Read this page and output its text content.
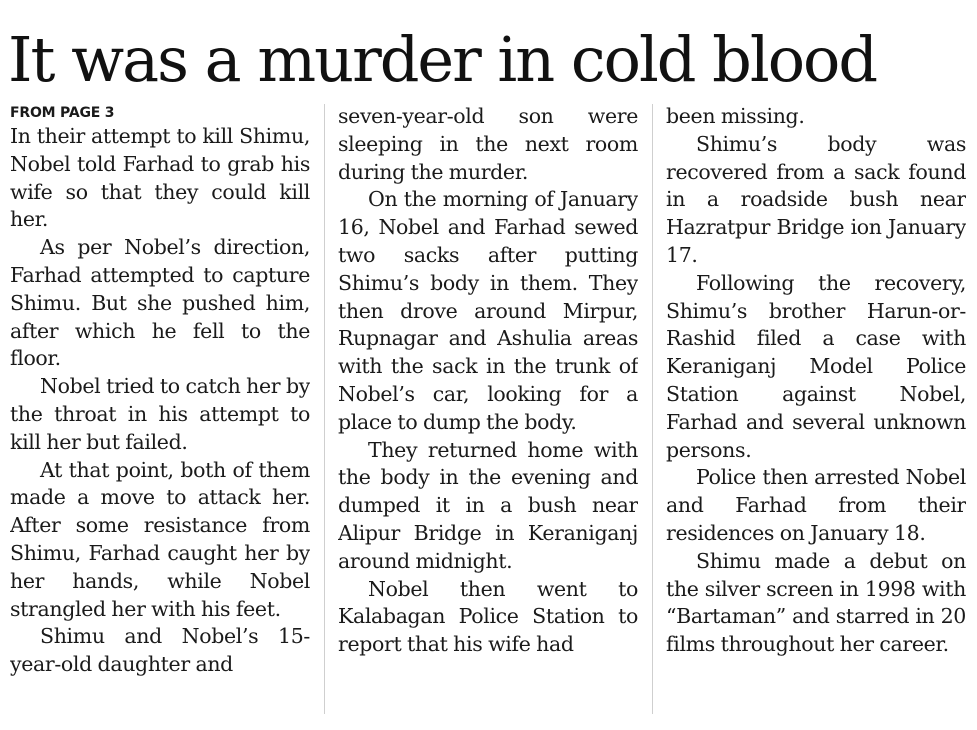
It was a murder in cold blood

FROM PAGE 3

In their attempt to kill Shimu, Nobel told Farhad to grab his wife so that they could kill her.

As per Nobel’s direction, Farhad attempted to capture Shimu. But she pushed him, after which he fell to the floor.

Nobel tried to catch her by the throat in his attempt to kill her but failed.

At that point, both of them made a move to attack her. After some resistance from Shimu, Farhad caught her by her hands, while Nobel strangled her with his feet.

Shimu and Nobel’s 15-year-old daughter and

seven-year-old son were sleeping in the next room during the murder.

On the morning of January 16, Nobel and Farhad sewed two sacks after putting Shimu’s body in them. They then drove around Mirpur, Rupnagar and Ashulia areas with the sack in the trunk of Nobel’s car, looking for a place to dump the body.

They returned home with the body in the evening and dumped it in a bush near Alipur Bridge in Keraniganj around midnight.

Nobel then went to Kalabagan Police Station to report that his wife had

been missing.

Shimu’s body was recovered from a sack found in a roadside bush near Hazratpur Bridge ion January 17.

Following the recovery, Shimu’s brother Harun-or-Rashid filed a case with Keraniganj Model Police Station against Nobel, Farhad and several unknown persons.

Police then arrested Nobel and Farhad from their residences on January 18.

Shimu made a debut on the silver screen in 1998 with “Bartaman” and starred in 20 films throughout her career.
